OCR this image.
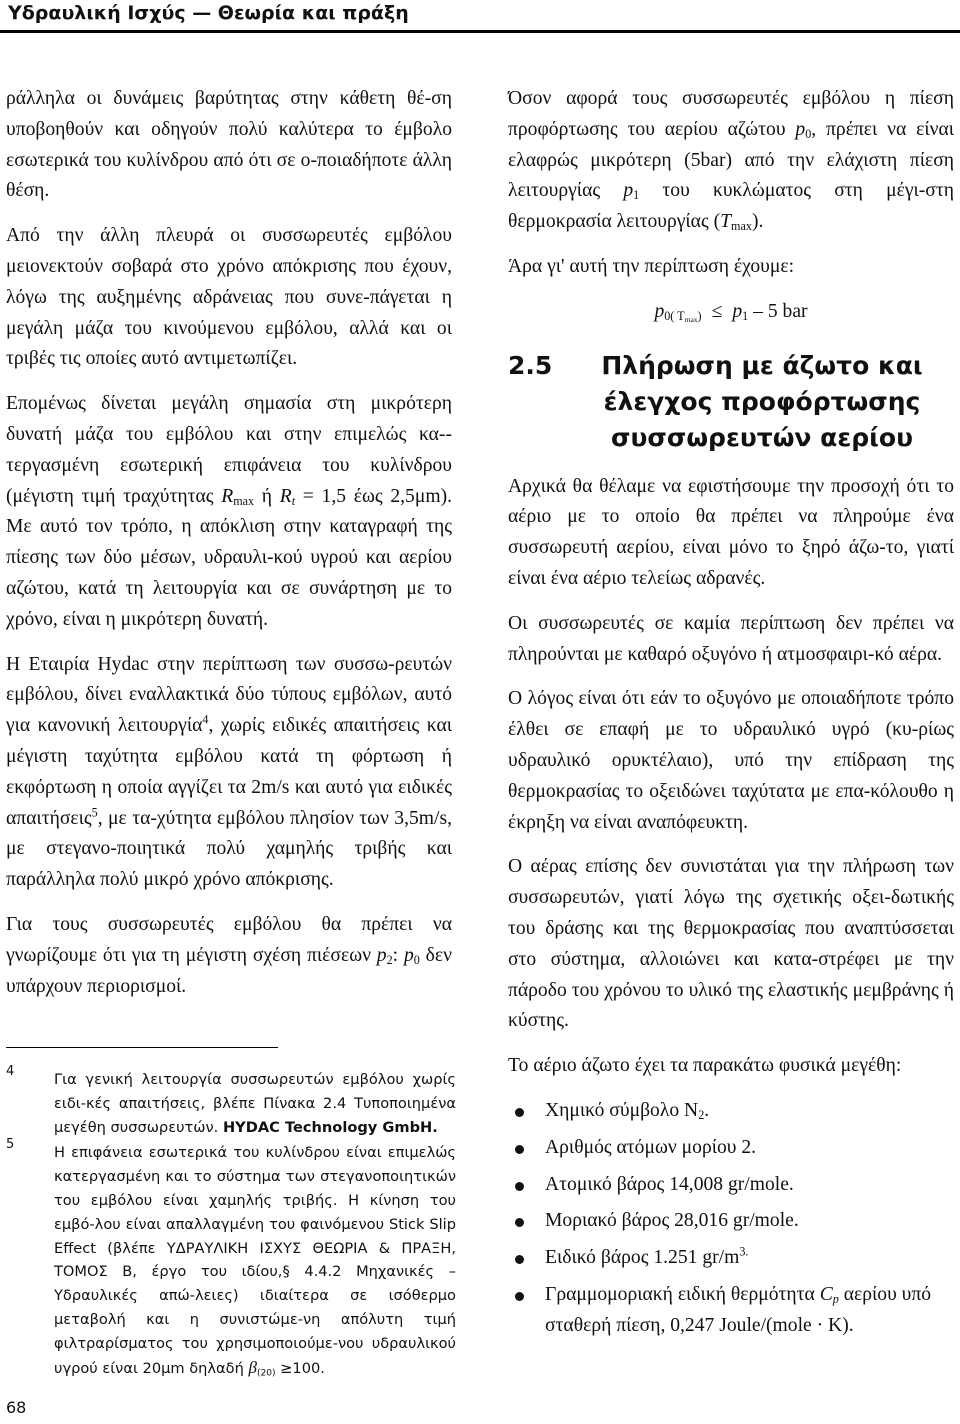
Υδραυλική Ισχύς — Θεωρία και πράξη

ράλληλα οι δυνάμεις βαρύτητας στην κάθετη θέ-ση υποβοηθούν και οδηγούν πολύ καλύτερα το έμβολο εσωτερικά του κυλίνδρου από ότι σε ο-ποιαδήποτε άλλη θέση.

Από την άλλη πλευρά οι συσσωρευτές εμβόλου μειονεκτούν σοβαρά στο χρόνο απόκρισης που έχουν, λόγω της αυξημένης αδράνειας που συνε-πάγεται η μεγάλη μάζα του κινούμενου εμβόλου, αλλά και οι τριβές τις οποίες αυτό αντιμετωπίζει.

Επομένως δίνεται μεγάλη σημασία στη μικρότερη δυνατή μάζα του εμβόλου και στην επιμελώς κα-τεργασμένη εσωτερική επιφάνεια του κυλίνδρου (μέγιστη τιμή τραχύτητας $R_{max}$ ή $R_t = 1,5$ έως 2,5μm). Με αυτό τον τρόπο, η απόκλιση στην καταγραφή της πίεσης των δύο μέσων, υδραυλι-κού υγρού και αερίου αζώτου, κατά τη λειτουργία και σε συνάρτηση με το χρόνο, είναι η μικρότερη δυνατή.

Η Εταιρία Hydac στην περίπτωση των συσσω-ρευτών εμβόλου, δίνει εναλλακτικά δύο τύπους εμβόλων, αυτό για κανονική λειτουργία$^4$, χωρίς ειδικές απαιτήσεις και μέγιστη ταχύτητα εμβόλου κατά τη φόρτωση ή εκφόρτωση η οποία αγγίζει τα 2m/s και αυτό για ειδικές απαιτήσεις$^5$, με τα-χύτητα εμβόλου πλησίον των 3,5m/s, με στεγανο-ποιητικά πολύ χαμηλής τριβής και παράλληλα πολύ μικρό χρόνο απόκρισης.

Για τους συσσωρευτές εμβόλου θα πρέπει να γνωρίζουμε ότι για τη μέγιστη σχέση πιέσεων $p_2$: $p_0$ δεν υπάρχουν περιορισμοί.

4	Για γενική λειτουργία συσσωρευτών εμβόλου χωρίς ειδι-κές απαιτήσεις, βλέπε Πίνακα 2.4 Τυποποιημένα μεγέθη συσσωρευτών. HYDAC Technology GmbH.
5	Η επιφάνεια εσωτερικά του κυλίνδρου είναι επιμελώς κατεργασμένη και το σύστημα των στεγανοποιητικών του εμβόλου είναι χαμηλής τριβής. Η κίνηση του εμβό-λου είναι απαλλαγμένη του φαινόμενου Stick Slip Effect (βλέπε ΥΔΡΑΥΛΙΚΗ ΙΣΧΥΣ ΘΕΩΡΙΑ & ΠΡΑΞΗ, ΤΟΜΟΣ Β, έργο του ιδίου,§ 4.4.2 Μηχανικές – Υδραυλικές απώ-λειες) ιδιαίτερα σε ισόθερμο μεταβολή και η συνιστώμε-νη απόλυτη τιμή φιλτραρίσματος του χρησιμοποιούμε-νου υδραυλικού υγρού είναι 20μm δηλαδή $\beta_{(20)} \ge 100$.

Όσον αφορά τους συσσωρευτές εμβόλου η πίεση προφόρτωσης του αερίου αζώτου $p_0$, πρέπει να είναι ελαφρώς μικρότερη (5bar) από την ελάχιστη πίεση λειτουργίας $p_1$ του κυκλώματος στη μέγι-στη θερμοκρασία λειτουργίας $(T_{max})$.

Άρα γι' αυτή την περίπτωση έχουμε:

$p_{0( T_{max})} \le p_1 - 5$ bar
2.5	Πλήρωση με άζωτο και έλεγχος προφόρτωσης συσσωρευτών αερίου

Αρχικά θα θέλαμε να εφιστήσουμε την προσοχή ότι το αέριο με το οποίο θα πρέπει να πληρούμε ένα συσσωρευτή αερίου, είναι μόνο το ξηρό άζω-το, γιατί είναι ένα αέριο τελείως αδρανές.

Οι συσσωρευτές σε καμία περίπτωση δεν πρέπει να πληρούνται με καθαρό οξυγόνο ή ατμοσφαιρι-κό αέρα.

Ο λόγος είναι ότι εάν το οξυγόνο με οποιαδήποτε τρόπο έλθει σε επαφή με το υδραυλικό υγρό (κυ-ρίως υδραυλικό ορυκτέλαιο), υπό την επίδραση της θερμοκρασίας το οξειδώνει ταχύτατα με επα-κόλουθο η έκρηξη να είναι αναπόφευκτη.

Ο αέρας επίσης δεν συνιστάται για την πλήρωση των συσσωρευτών, γιατί λόγω της σχετικής οξει-δωτικής του δράσης και της θερμοκρασίας που αναπτύσσεται στο σύστημα, αλλοιώνει και κατα-στρέφει με την πάροδο του χρόνου το υλικό της ελαστικής μεμβράνης ή κύστης.

Το αέριο άζωτο έχει τα παρακάτω φυσικά μεγέθη:

Χημικό σύμβολο $N_2$.
Αριθμός ατόμων μορίου 2.
Ατομικό βάρος 14,008 gr/mole.
Μοριακό βάρος 28,016 gr/mole.
Ειδικό βάρος 1.251 $gr/m^{3.}$
Γραμμομοριακή ειδική θερμότητα $C_p$ αερίου υπό σταθερή πίεση, 0,247 Joule/(mole · K).
68
